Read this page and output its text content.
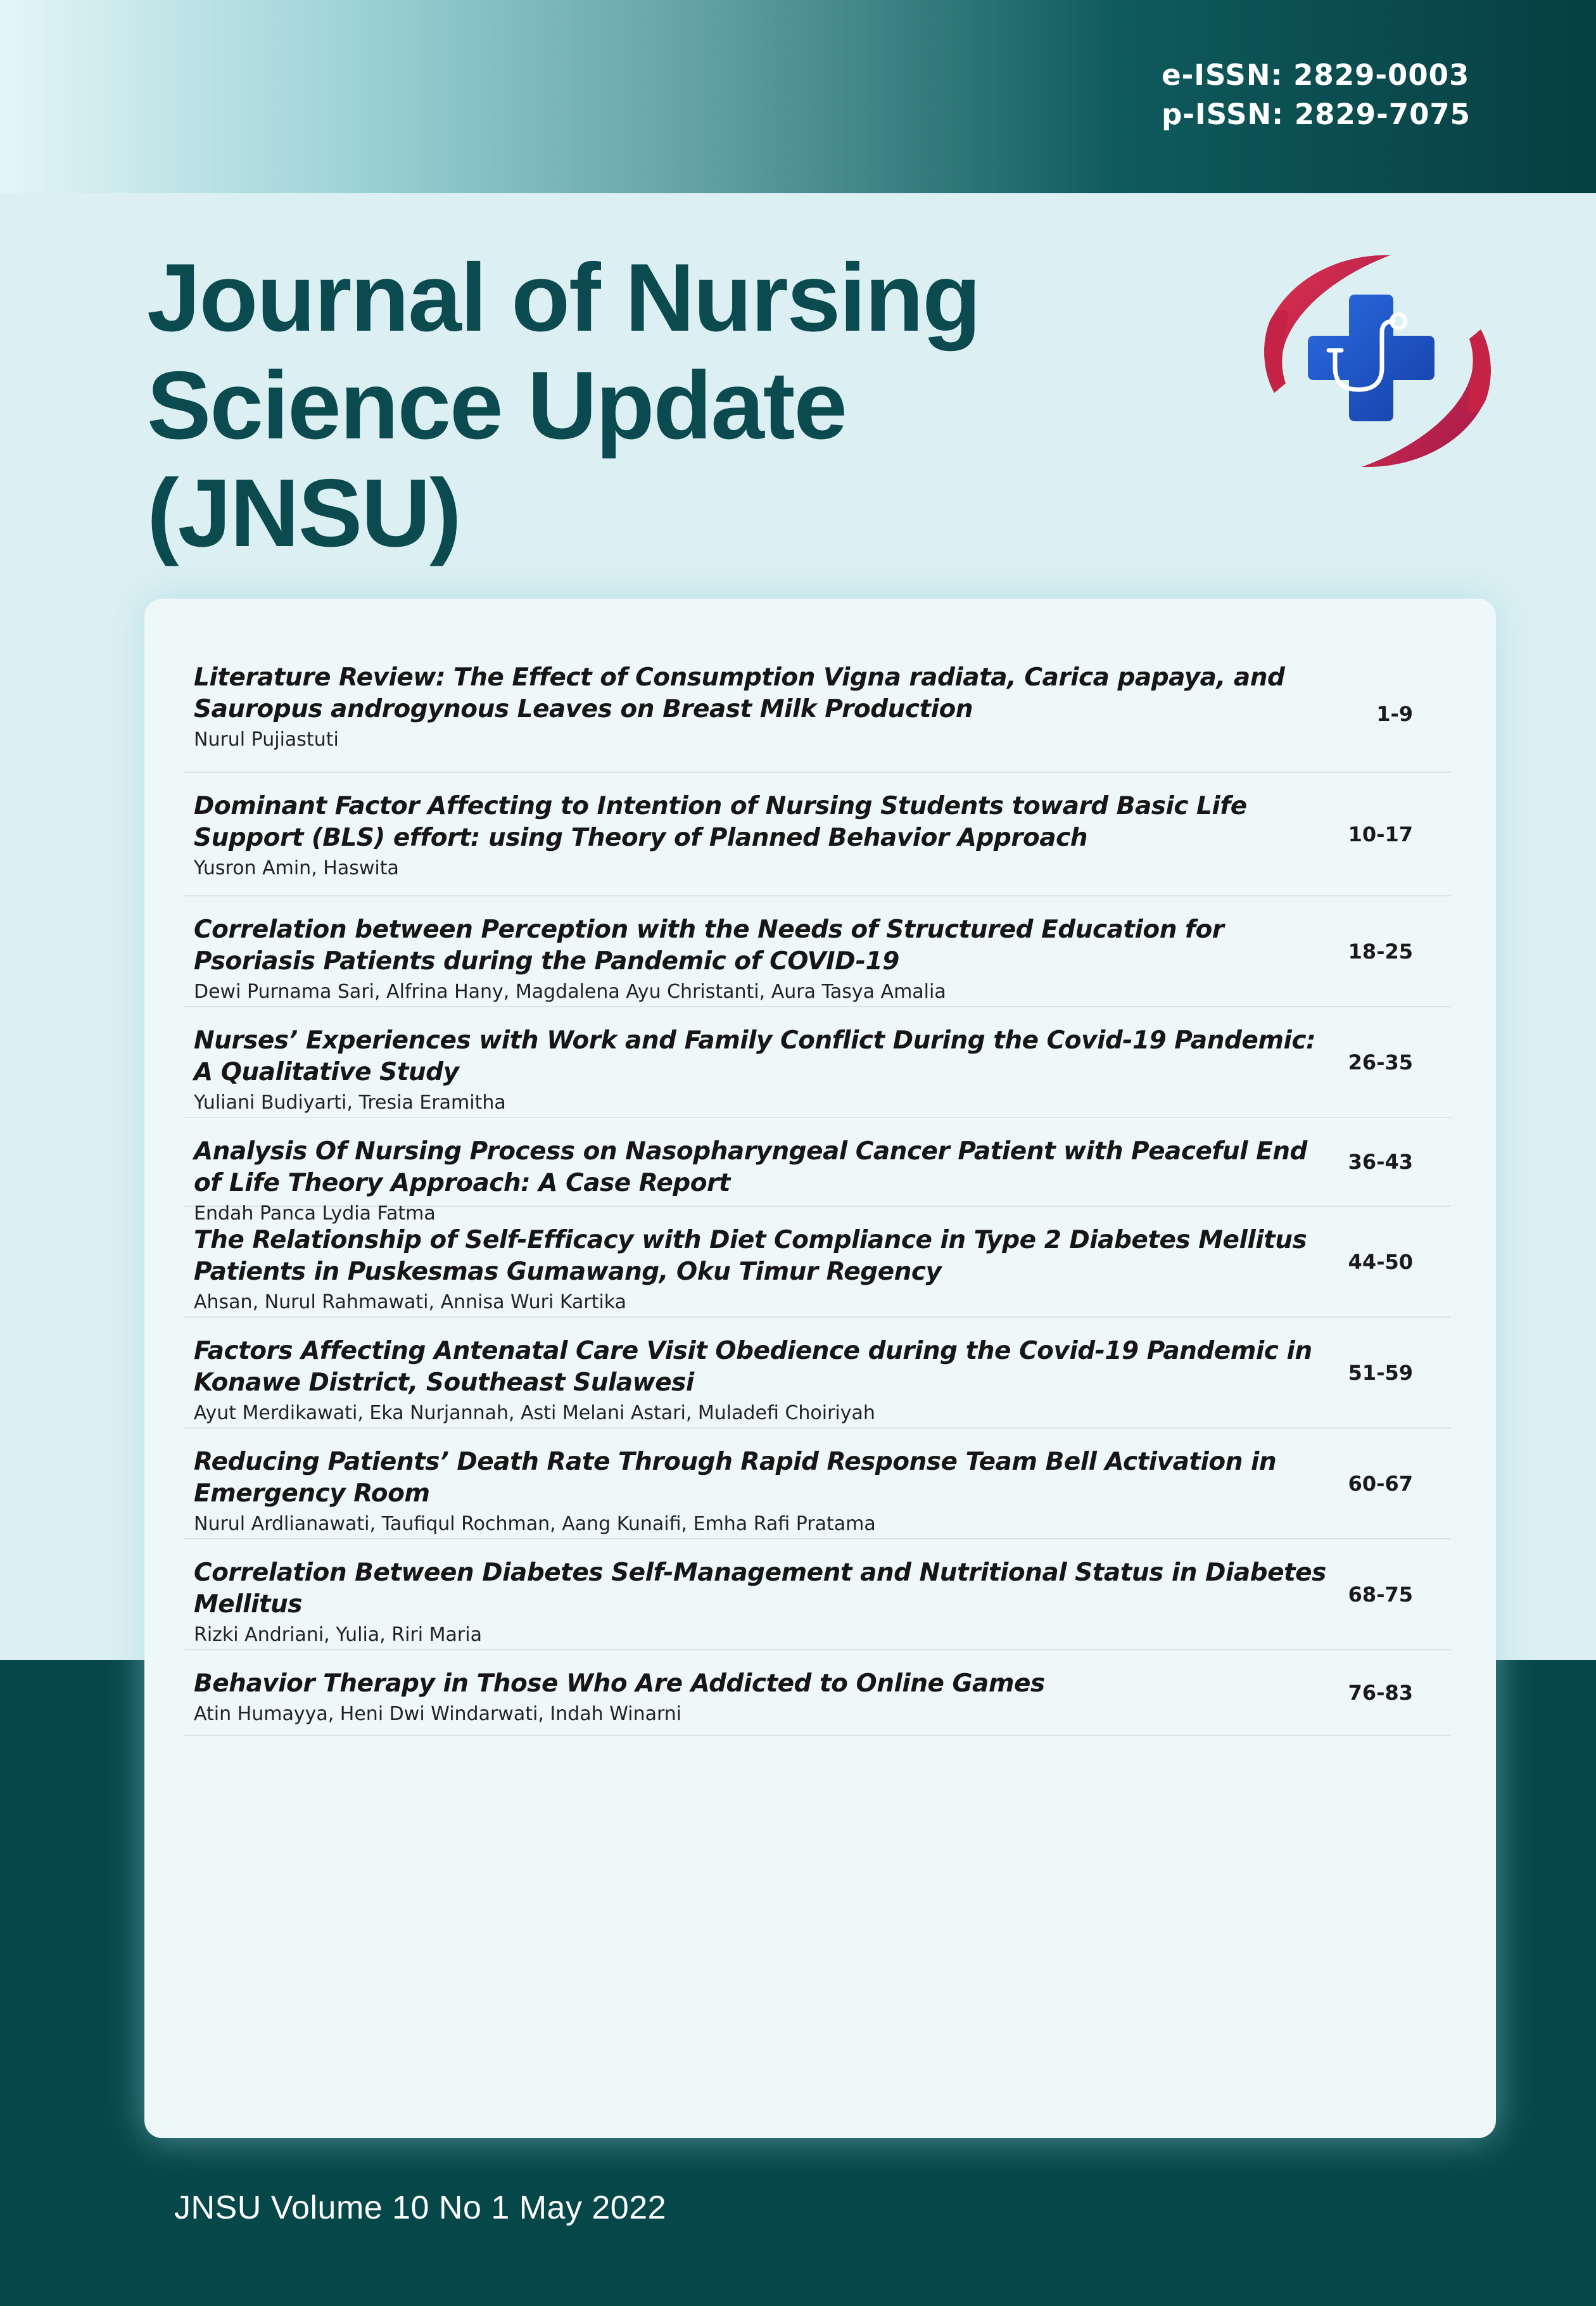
e-ISSN: 2829-0003
p-ISSN: 2829-7075
Journal of Nursing
Science Update
(JNSU)
Literature Review: The Effect of Consumption Vigna radiata, Carica papaya, and Sauropus androgynous Leaves on Breast Milk Production
Nurul Pujiastuti
1-9
Dominant Factor Affecting to Intention of Nursing Students toward Basic Life Support (BLS) effort: using Theory of Planned Behavior Approach
Yusron Amin, Haswita
10-17
Correlation between Perception with the Needs of Structured Education for Psoriasis Patients during the Pandemic of COVID-19
Dewi Purnama Sari, Alfrina Hany, Magdalena Ayu Christanti, Aura Tasya Amalia
18-25
Nurses’ Experiences with Work and Family Conflict During the Covid-19 Pandemic: A Qualitative Study
Yuliani Budiyarti, Tresia Eramitha
26-35
Analysis Of Nursing Process on Nasopharyngeal Cancer Patient with Peaceful End of Life Theory Approach: A Case Report
Endah Panca Lydia Fatma
36-43
The Relationship of Self-Efficacy with Diet Compliance in Type 2 Diabetes Mellitus Patients in Puskesmas Gumawang, Oku Timur Regency
Ahsan, Nurul Rahmawati, Annisa Wuri Kartika
44-50
Factors Affecting Antenatal Care Visit Obedience during the Covid-19 Pandemic in Konawe District, Southeast Sulawesi
Ayut Merdikawati, Eka Nurjannah, Asti Melani Astari, Muladefi Choiriyah
51-59
Reducing Patients’ Death Rate Through Rapid Response Team Bell Activation in Emergency Room
Nurul Ardlianawati, Taufiqul Rochman, Aang Kunaifi, Emha Rafi Pratama
60-67
Correlation Between Diabetes Self-Management and Nutritional Status in Diabetes Mellitus
Rizki Andriani, Yulia, Riri Maria
68-75
Behavior Therapy in Those Who Are Addicted to Online Games
Atin Humayya, Heni Dwi Windarwati, Indah Winarni
76-83
JNSU Volume 10 No 1 May 2022
